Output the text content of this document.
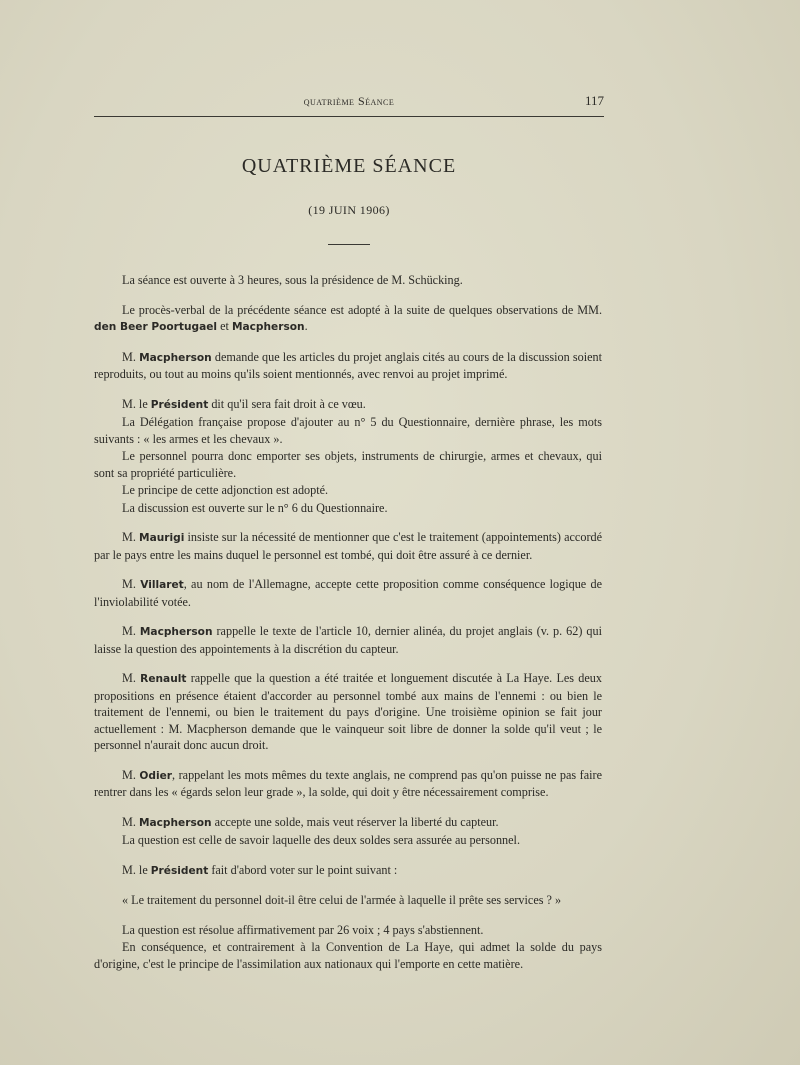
quatrième Séance	117
QUATRIÈME SÉANCE
(19 JUIN 1906)

La séance est ouverte à 3 heures, sous la présidence de M. Schücking.

Le procès-verbal de la précédente séance est adopté à la suite de quelques observations de MM. den Beer Poortugael et Macpherson.

M. Macpherson demande que les articles du projet anglais cités au cours de la discussion soient reproduits, ou tout au moins qu'ils soient mentionnés, avec renvoi au projet imprimé.

M. le Président dit qu'il sera fait droit à ce vœu.

La Délégation française propose d'ajouter au n° 5 du Questionnaire, dernière phrase, les mots suivants : « les armes et les chevaux ».

Le personnel pourra donc emporter ses objets, instruments de chirurgie, armes et chevaux, qui sont sa propriété particulière.

Le principe de cette adjonction est adopté.

La discussion est ouverte sur le n° 6 du Questionnaire.

M. Maurigi insiste sur la nécessité de mentionner que c'est le traitement (appointements) accordé par le pays entre les mains duquel le personnel est tombé, qui doit être assuré à ce dernier.

M. Villaret, au nom de l'Allemagne, accepte cette proposition comme conséquence logique de l'inviolabilité votée.

M. Macpherson rappelle le texte de l'article 10, dernier alinéa, du projet anglais (v. p. 62) qui laisse la question des appointements à la discrétion du capteur.

M. Renault rappelle que la question a été traitée et longuement discutée à La Haye. Les deux propositions en présence étaient d'accorder au personnel tombé aux mains de l'ennemi : ou bien le traitement de l'ennemi, ou bien le traitement du pays d'origine. Une troisième opinion se fait jour actuellement : M. Macpherson demande que le vainqueur soit libre de donner la solde qu'il veut ; le personnel n'aurait donc aucun droit.

M. Odier, rappelant les mots mêmes du texte anglais, ne comprend pas qu'on puisse ne pas faire rentrer dans les « égards selon leur grade », la solde, qui doit y être nécessairement comprise.

M. Macpherson accepte une solde, mais veut réserver la liberté du capteur.

La question est celle de savoir laquelle des deux soldes sera assurée au personnel.

M. le Président fait d'abord voter sur le point suivant :

« Le traitement du personnel doit-il être celui de l'armée à laquelle il prête ses services ? »

La question est résolue affirmativement par 26 voix ; 4 pays s'abstiennent.

En conséquence, et contrairement à la Convention de La Haye, qui admet la solde du pays d'origine, c'est le principe de l'assimilation aux nationaux qui l'emporte en cette matière.
